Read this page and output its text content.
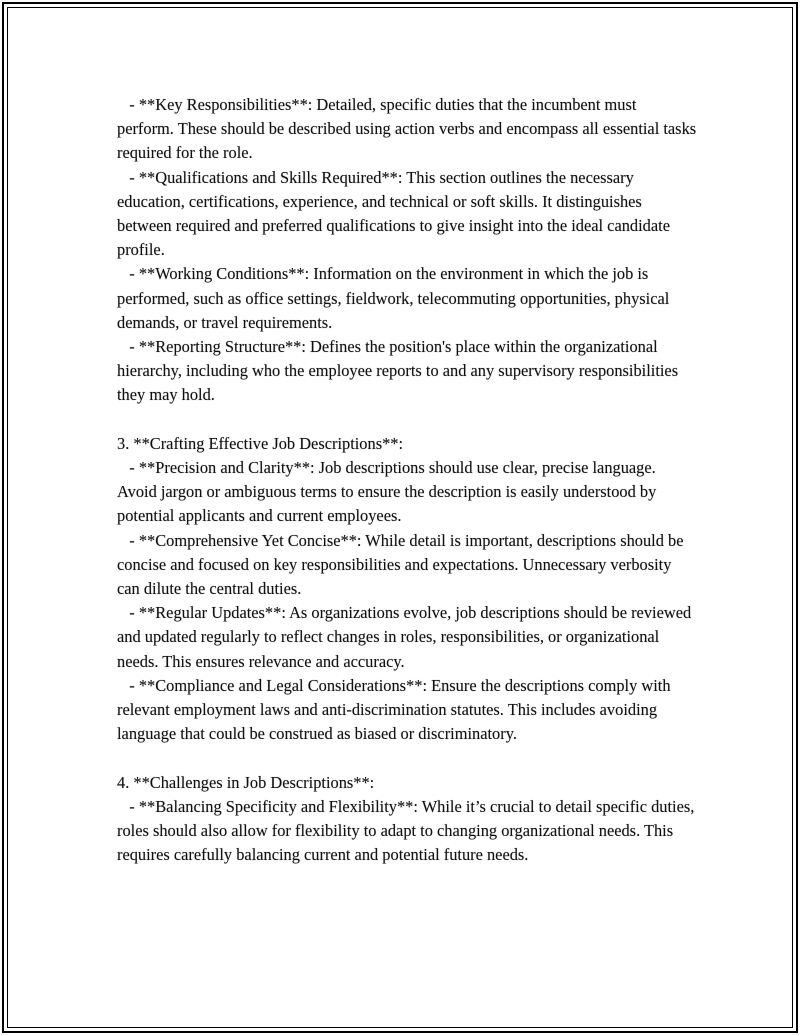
- **Key Responsibilities**: Detailed, specific duties that the incumbent must perform. These should be described using action verbs and encompass all essential tasks required for the role.

- **Qualifications and Skills Required**: This section outlines the necessary education, certifications, experience, and technical or soft skills. It distinguishes between required and preferred qualifications to give insight into the ideal candidate profile.

- **Working Conditions**: Information on the environment in which the job is performed, such as office settings, fieldwork, telecommuting opportunities, physical demands, or travel requirements.

- **Reporting Structure**: Defines the position's place within the organizational hierarchy, including who the employee reports to and any supervisory responsibilities they may hold.

3. **Crafting Effective Job Descriptions**:

- **Precision and Clarity**: Job descriptions should use clear, precise language. Avoid jargon or ambiguous terms to ensure the description is easily understood by potential applicants and current employees.

- **Comprehensive Yet Concise**: While detail is important, descriptions should be concise and focused on key responsibilities and expectations. Unnecessary verbosity can dilute the central duties.

- **Regular Updates**: As organizations evolve, job descriptions should be reviewed and updated regularly to reflect changes in roles, responsibilities, or organizational needs. This ensures relevance and accuracy.

- **Compliance and Legal Considerations**: Ensure the descriptions comply with relevant employment laws and anti-discrimination statutes. This includes avoiding language that could be construed as biased or discriminatory.

4. **Challenges in Job Descriptions**:

- **Balancing Specificity and Flexibility**: While it’s crucial to detail specific duties, roles should also allow for flexibility to adapt to changing organizational needs. This requires carefully balancing current and potential future needs.
